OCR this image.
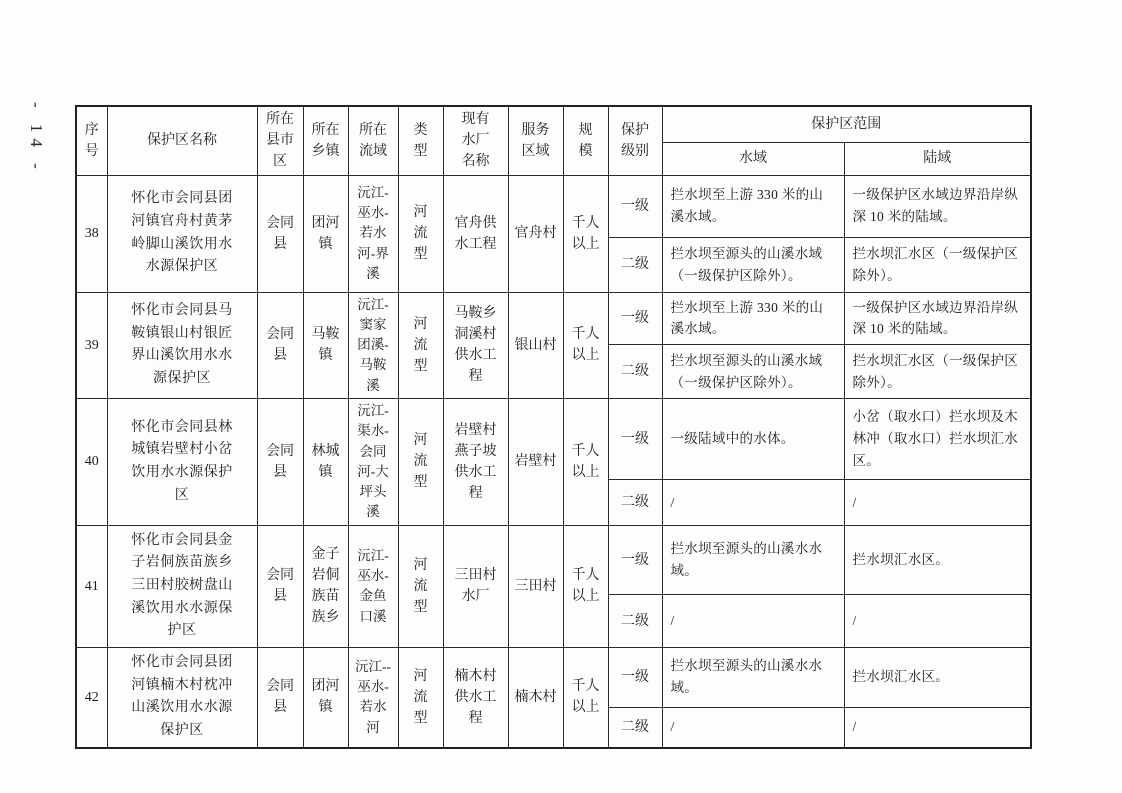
- 14 -	序号	保护区名称	所在县市区	所在乡镇	所在流域	类型	现有水厂名称	服务区域	规模	保护级别	保护区范围	
										水域	陆域
38	怀化市会同县团河镇官舟村黄茅岭脚山溪饮用水水源保护区	会同县	团河镇	沅江-巫水-若水河-界溪	河流型	官舟供水工程	官舟村	千人以上	一级	拦水坝至上游 330 米的山溪水域。	一级保护区水域边界沿岸纵深 10 米的陆域。
									二级	拦水坝至源头的山溪水域（一级保护区除外）。	拦水坝汇水区（一级保护区除外）。
39	怀化市会同县马鞍镇银山村银匠界山溪饮用水水源保护区	会同县	马鞍镇	沅江-窦家团溪-马鞍溪	河流型	马鞍乡洞溪村供水工程	银山村	千人以上	一级	拦水坝至上游 330 米的山溪水域。	一级保护区水域边界沿岸纵深 10 米的陆域。
									二级	拦水坝至源头的山溪水域（一级保护区除外）。	拦水坝汇水区（一级保护区除外）。
40	怀化市会同县林城镇岩壁村小岔饮用水水源保护区	会同县	林城镇	沅江-渠水-会同河-大坪头溪	河流型	岩壁村燕子坡供水工程	岩壁村	千人以上	一级	一级陆域中的水体。	小岔（取水口）拦水坝及木林冲（取水口）拦水坝汇水区。
									二级	/	/
41	怀化市会同县金子岩侗族苗族乡三田村胶树盘山溪饮用水水源保护区	会同县	金子岩侗族苗族乡	沅江-巫水-金鱼口溪	河流型	三田村水厂	三田村	千人以上	一级	拦水坝至源头的山溪水水域。	拦水坝汇水区。
									二级	/	/
42	怀化市会同县团河镇楠木村枕冲山溪饮用水水源保护区	会同县	团河镇	沅江--巫水-若水河	河流型	楠木村供水工程	楠木村	千人以上	一级	拦水坝至源头的山溪水水域。	拦水坝汇水区。
									二级	/	/
